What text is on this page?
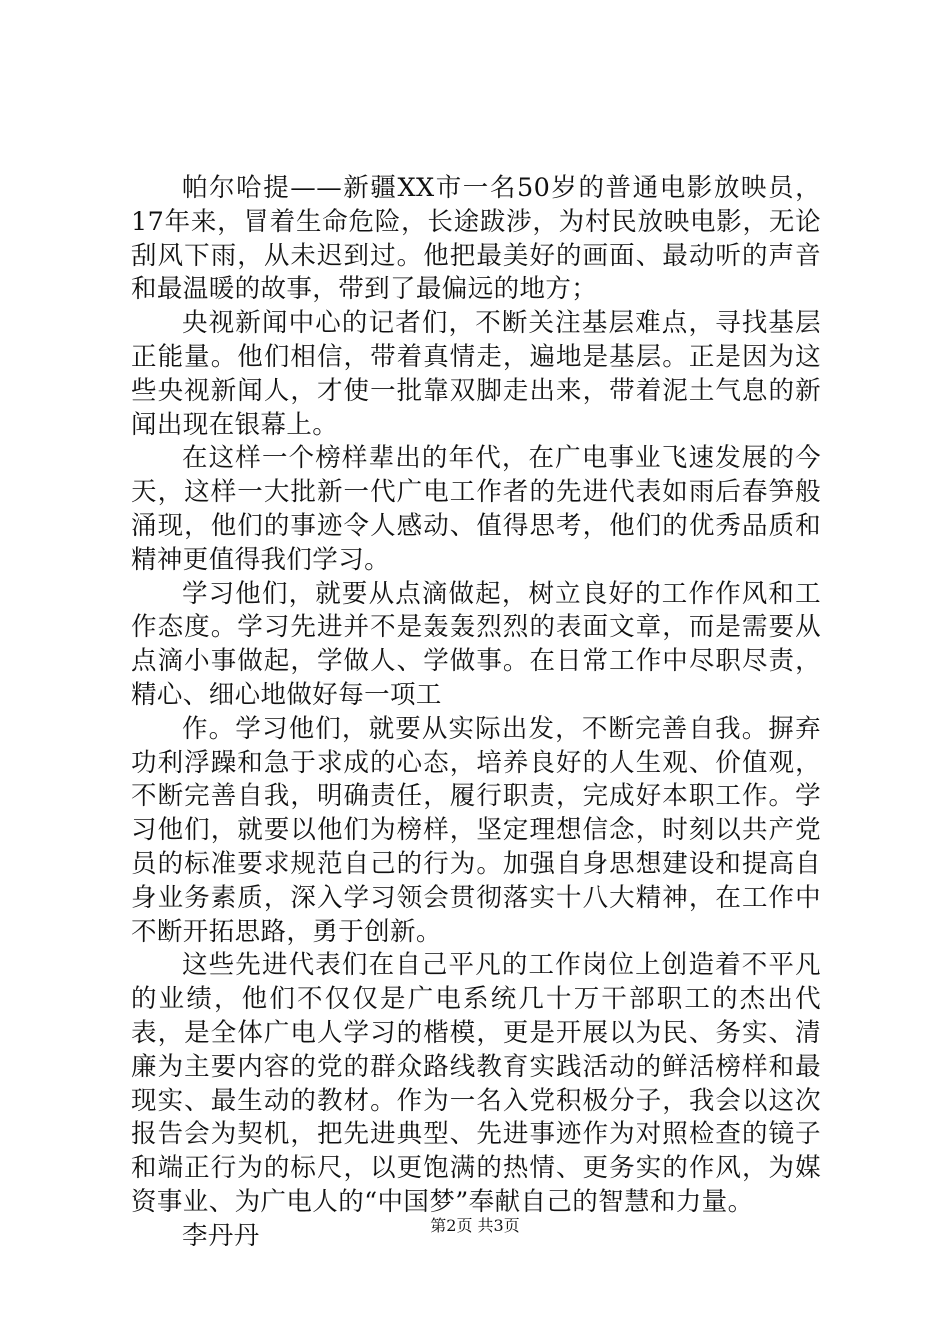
帕尔哈提——新疆XX市一名50岁的普通电影放映员，17年来，冒着生命危险，长途跋涉，为村民放映电影，无论刮风下雨，从未迟到过。他把最美好的画面、最动听的声音和最温暖的故事，带到了最偏远的地方；

央视新闻中心的记者们，不断关注基层难点，寻找基层正能量。他们相信，带着真情走，遍地是基层。正是因为这些央视新闻人，才使一批靠双脚走出来，带着泥土气息的新闻出现在银幕上。

在这样一个榜样辈出的年代，在广电事业飞速发展的今天，这样一大批新一代广电工作者的先进代表如雨后春笋般涌现，他们的事迹令人感动、值得思考，他们的优秀品质和精神更值得我们学习。

学习他们，就要从点滴做起，树立良好的工作作风和工作态度。学习先进并不是轰轰烈烈的表面文章，而是需要从点滴小事做起，学做人、学做事。在日常工作中尽职尽责，精心、细心地做好每一项工

作。学习他们，就要从实际出发，不断完善自我。摒弃功利浮躁和急于求成的心态，培养良好的人生观、价值观，不断完善自我，明确责任，履行职责，完成好本职工作。学习他们，就要以他们为榜样，坚定理想信念，时刻以共产党员的标准要求规范自己的行为。加强自身思想建设和提高自身业务素质，深入学习领会贯彻落实十八大精神，在工作中不断开拓思路，勇于创新。

这些先进代表们在自己平凡的工作岗位上创造着不平凡的业绩，他们不仅仅是广电系统几十万干部职工的杰出代表，是全体广电人学习的楷模，更是开展以为民、务实、清廉为主要内容的党的群众路线教育实践活动的鲜活榜样和最现实、最生动的教材。作为一名入党积极分子，我会以这次报告会为契机，把先进典型、先进事迹作为对照检查的镜子和端正行为的标尺，以更饱满的热情、更务实的作风，为媒资事业、为广电人的“中国梦”奉献自己的智慧和力量。

李丹丹	第2页 共3页
